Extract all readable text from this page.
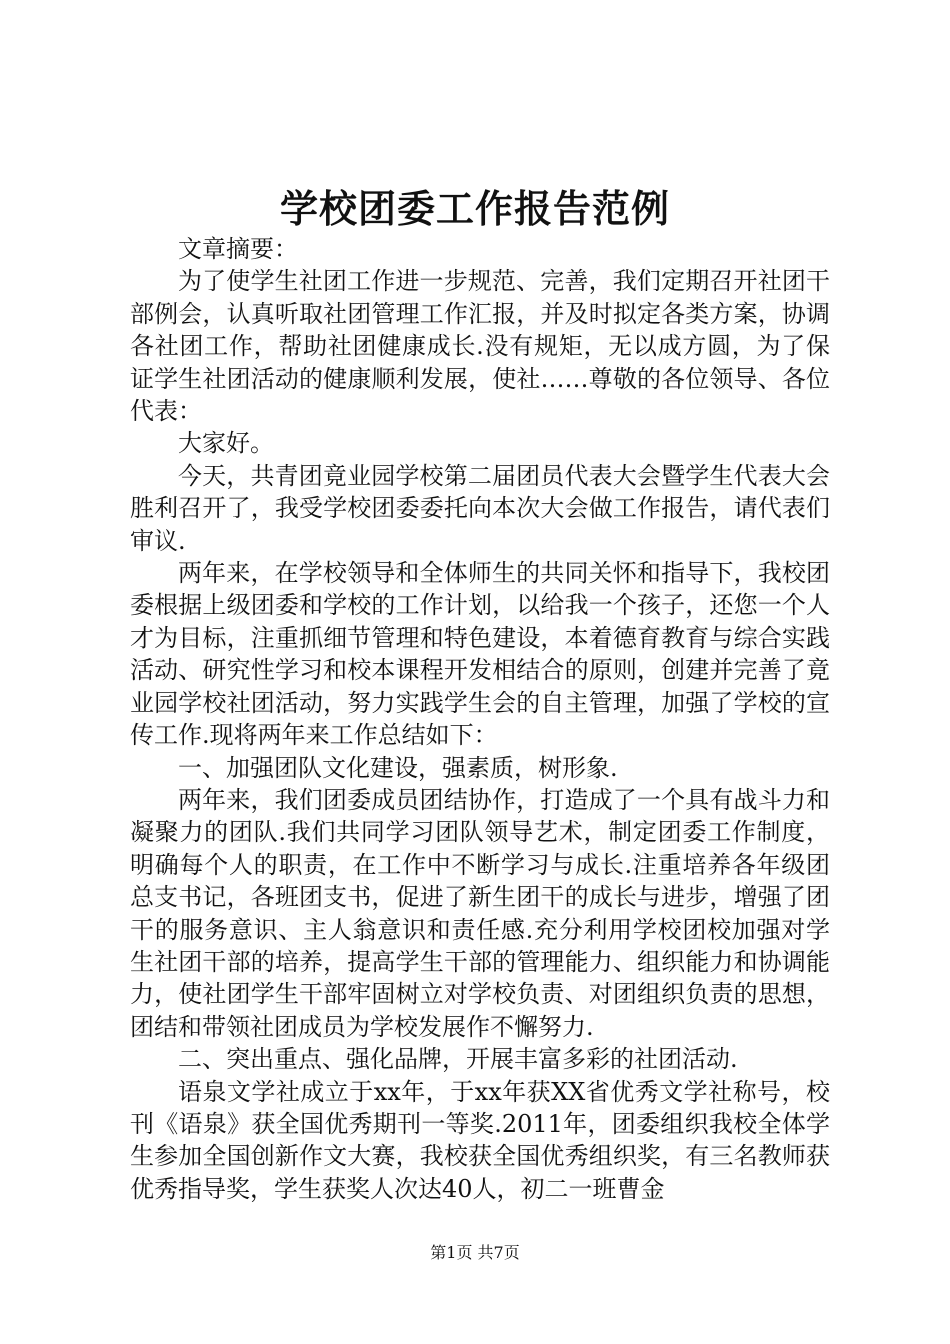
学校团委工作报告范例

文章摘要：

为了使学生社团工作进一步规范、完善，我们定期召开社团干部例会，认真听取社团管理工作汇报，并及时拟定各类方案，协调各社团工作，帮助社团健康成长.没有规矩，无以成方圆，为了保证学生社团活动的健康顺利发展，使社……尊敬的各位领导、各位代表：

大家好。

今天，共青团竟业园学校第二届团员代表大会暨学生代表大会胜利召开了，我受学校团委委托向本次大会做工作报告，请代表们审议.

两年来，在学校领导和全体师生的共同关怀和指导下，我校团委根据上级团委和学校的工作计划，以给我一个孩子，还您一个人才为目标，注重抓细节管理和特色建设，本着德育教育与综合实践活动、研究性学习和校本课程开发相结合的原则，创建并完善了竟业园学校社团活动，努力实践学生会的自主管理，加强了学校的宣传工作.现将两年来工作总结如下：

一、加强团队文化建设，强素质，树形象.

两年来，我们团委成员团结协作，打造成了一个具有战斗力和凝聚力的团队.我们共同学习团队领导艺术，制定团委工作制度，明确每个人的职责，在工作中不断学习与成长.注重培养各年级团总支书记，各班团支书，促进了新生团干的成长与进步，增强了团干的服务意识、主人翁意识和责任感.充分利用学校团校加强对学生社团干部的培养，提高学生干部的管理能力、组织能力和协调能力，使社团学生干部牢固树立对学校负责、对团组织负责的思想，团结和带领社团成员为学校发展作不懈努力.

二、突出重点、强化品牌，开展丰富多彩的社团活动.

语泉文学社成立于xx年，于xx年获XX省优秀文学社称号，校刊《语泉》获全国优秀期刊一等奖.2011年，团委组织我校全体学生参加全国创新作文大赛，我校获全国优秀组织奖，有三名教师获优秀指导奖，学生获奖人次达40人，初二一班曹金

第1页 共7页
